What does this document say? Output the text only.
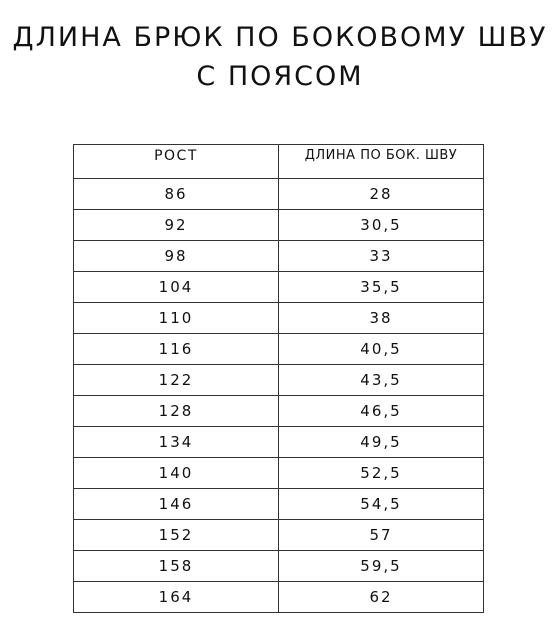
ДЛИНА БРЮК ПО БОКОВОМУ ШВУ
С ПОЯСОМ
РОСТ	ДЛИНА ПО БОК. ШВУ
86	28
92	30,5
98	33
104	35,5
110	38
116	40,5
122	43,5
128	46,5
134	49,5
140	52,5
146	54,5
152	57
158	59,5
164	62
